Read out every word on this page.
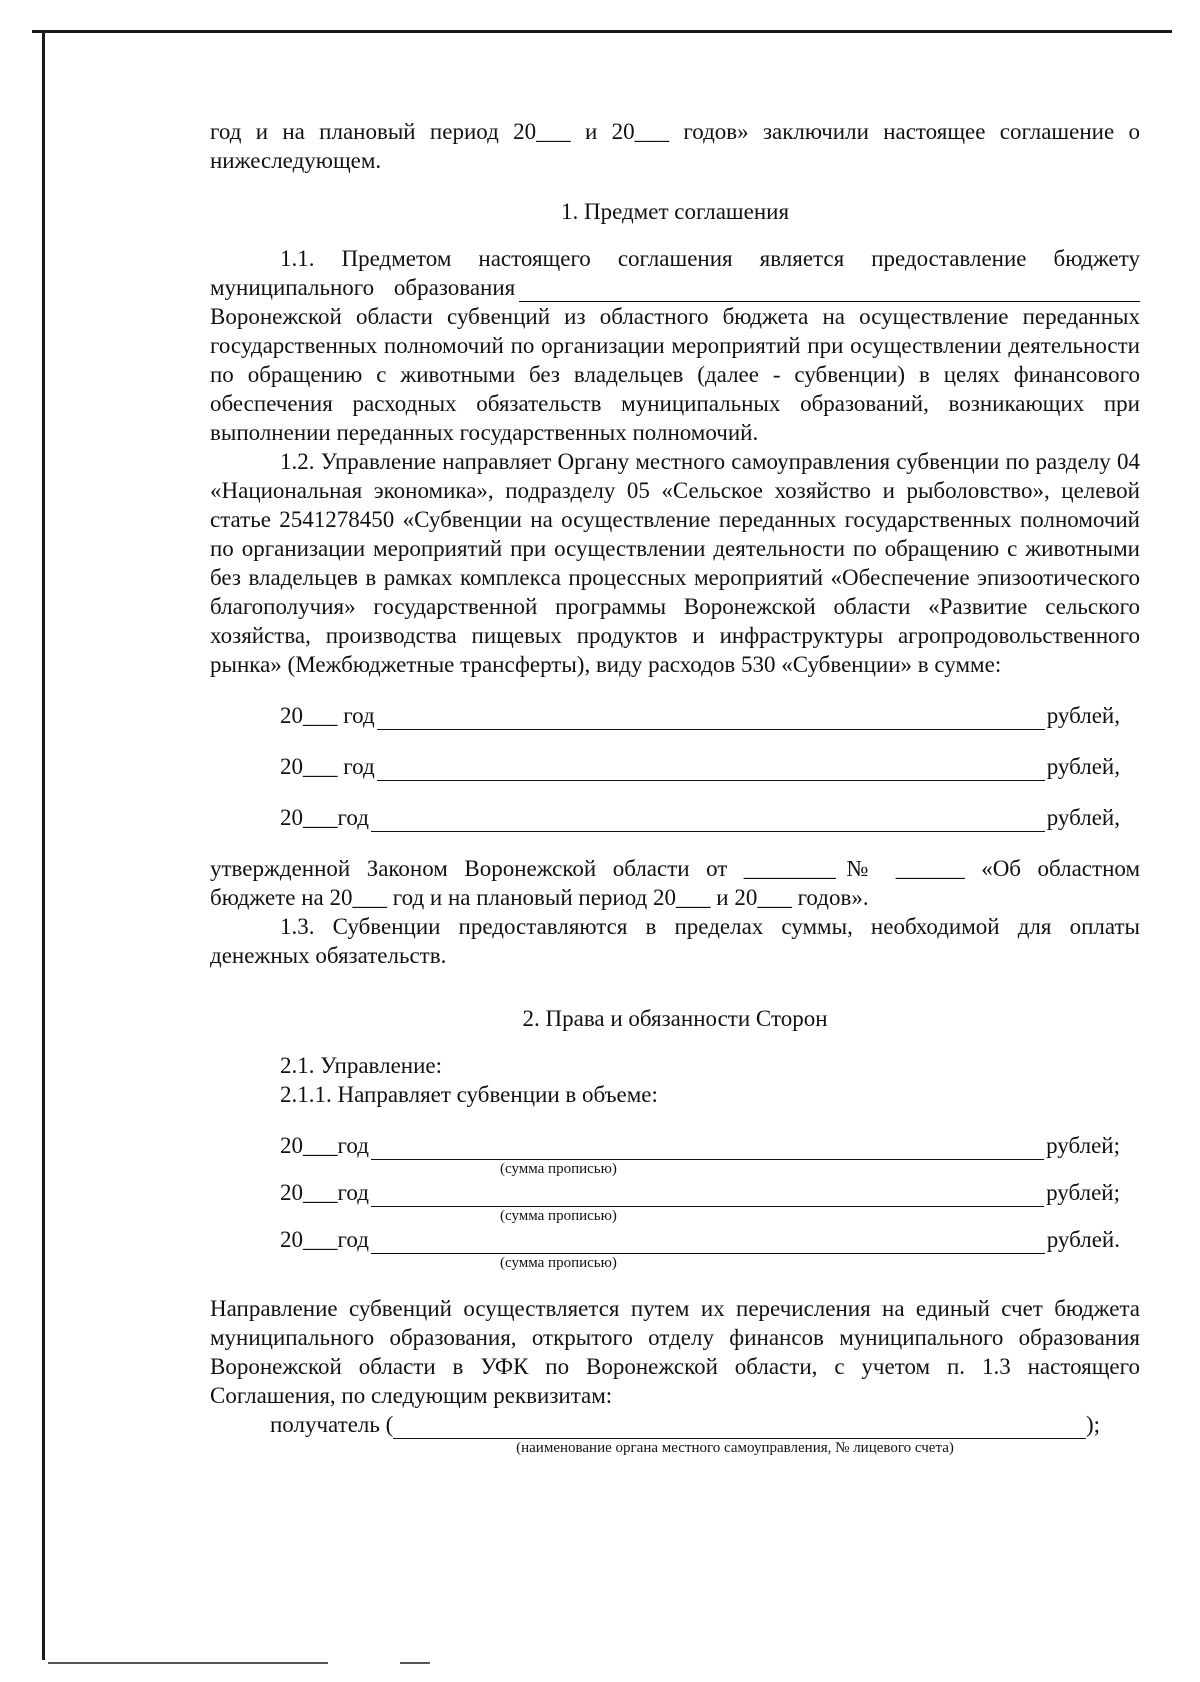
год и на плановый период 20___ и 20___ годов» заключили настоящее соглашение о

нижеследующем.

1. Предмет соглашения

1.1. Предметом настоящего соглашения является предоставление бюджету

муниципального образования

Воронежской области субвенций из областного бюджета на осуществление переданных государственных полномочий по организации мероприятий при осуществлении деятельности по обращению с животными без владельцев (далее - субвенции) в целях финансового обеспечения расходных обязательств муниципальных образований, возникающих при выполнении переданных государственных полномочий.

1.2. Управление направляет Органу местного самоуправления субвенции по разделу 04 «Национальная экономика», подразделу 05 «Сельское хозяйство и рыболовство», целевой статье 2541278450 «Субвенции на осуществление переданных государственных полномочий по организации мероприятий при осуществлении деятельности по обращению с животными без владельцев в рамках комплекса процессных мероприятий «Обеспечение эпизоотического благополучия» государственной программы Воронежской области «Развитие сельского хозяйства, производства пищевых продуктов и инфраструктуры агропродовольственного рынка» (Межбюджетные трансферты), виду расходов 530 «Субвенции» в сумме:

20___ год	рублей,
20___ год	рублей,
20___год	рублей,

утвержденной Законом Воронежской области от ________№ ______ «Об областном

бюджете на 20___ год и на плановый период 20___ и 20___ годов».

1.3. Субвенции предоставляются в пределах суммы, необходимой для оплаты денежных обязательств.

2. Права и обязанности Сторон

2.1. Управление:

2.1.1. Направляет субвенции в объеме:

20___год	рублей;

(сумма прописью)

20___год	рублей;

(сумма прописью)

20___год	рублей.

(сумма прописью)

Направление субвенций осуществляется путем их перечисления на единый счет бюджета муниципального образования, открытого отделу финансов муниципального образования Воронежской области в УФК по Воронежской области, с учетом п. 1.3 настоящего Соглашения, по следующим реквизитам:

получатель (	);

(наименование органа местного самоуправления, № лицевого счета)
